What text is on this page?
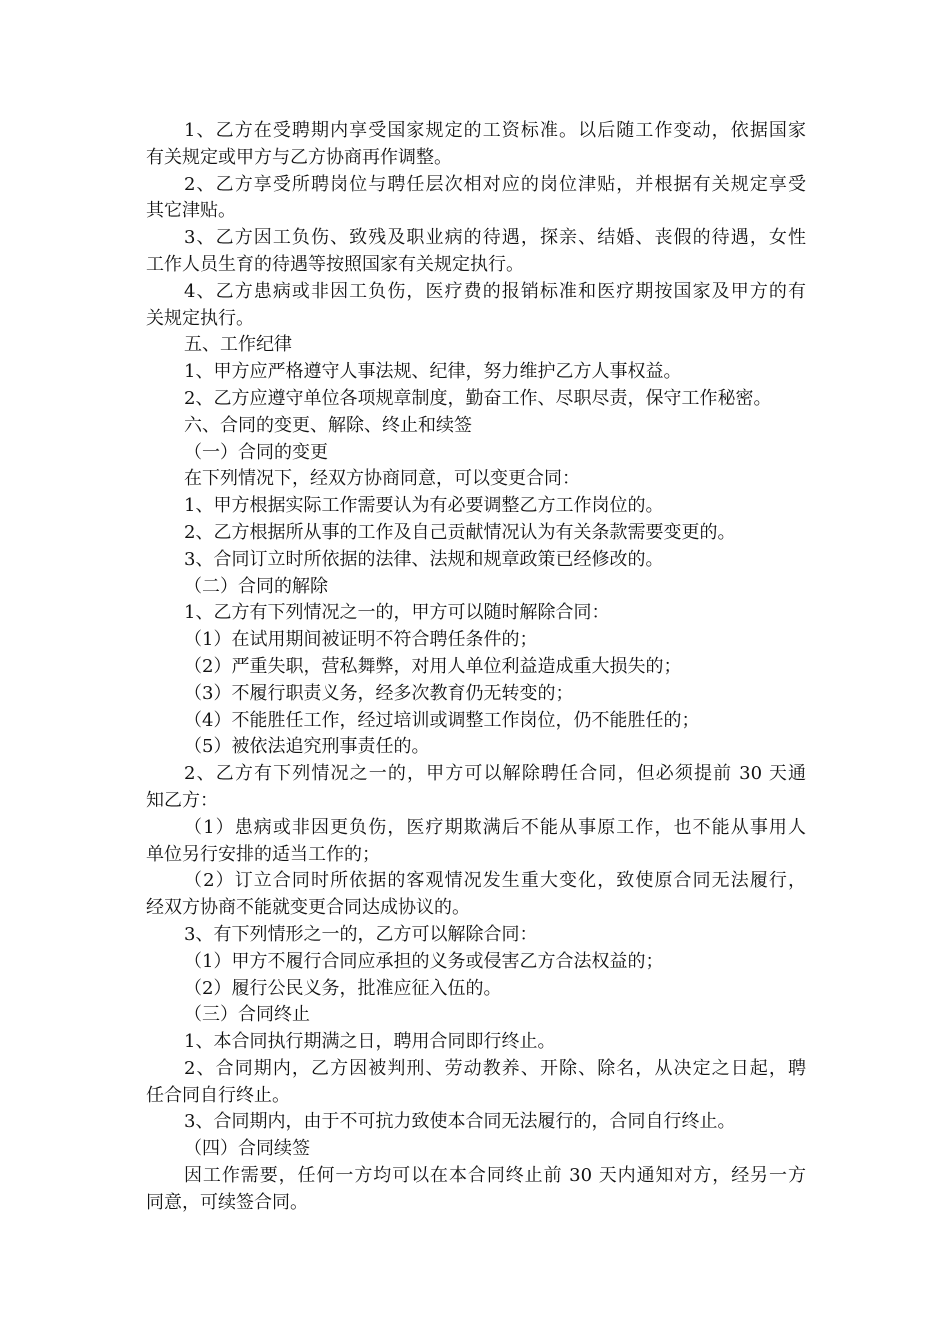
1、乙方在受聘期内享受国家规定的工资标准。以后随工作变动，依据国家
有关规定或甲方与乙方协商再作调整。
2、乙方享受所聘岗位与聘任层次相对应的岗位津贴，并根据有关规定享受
其它津贴。
3、乙方因工负伤、致残及职业病的待遇，探亲、结婚、丧假的待遇，女性
工作人员生育的待遇等按照国家有关规定执行。
4、乙方患病或非因工负伤，医疗费的报销标准和医疗期按国家及甲方的有
关规定执行。
五、工作纪律
1、甲方应严格遵守人事法规、纪律，努力维护乙方人事权益。
2、乙方应遵守单位各项规章制度，勤奋工作、尽职尽责，保守工作秘密。
六、合同的变更、解除、终止和续签
（一）合同的变更
在下列情况下，经双方协商同意，可以变更合同：
1、甲方根据实际工作需要认为有必要调整乙方工作岗位的。
2、乙方根据所从事的工作及自己贡献情况认为有关条款需要变更的。
3、合同订立时所依据的法律、法规和规章政策已经修改的。
（二）合同的解除
1、乙方有下列情况之一的，甲方可以随时解除合同：
（1）在试用期间被证明不符合聘任条件的；
（2）严重失职，营私舞弊，对用人单位利益造成重大损失的；
（3）不履行职责义务，经多次教育仍无转变的；
（4）不能胜任工作，经过培训或调整工作岗位，仍不能胜任的；
（5）被依法追究刑事责任的。
2、乙方有下列情况之一的，甲方可以解除聘任合同，但必须提前 30 天通
知乙方：
（1）患病或非因更负伤，医疗期欺满后不能从事原工作，也不能从事用人
单位另行安排的适当工作的；
（2）订立合同时所依据的客观情况发生重大变化，致使原合同无法履行，
经双方协商不能就变更合同达成协议的。
3、有下列情形之一的，乙方可以解除合同：
（1）甲方不履行合同应承担的义务或侵害乙方合法权益的；
（2）履行公民义务，批准应征入伍的。
（三）合同终止
1、本合同执行期满之日，聘用合同即行终止。
2、合同期内，乙方因被判刑、劳动教养、开除、除名，从决定之日起，聘
任合同自行终止。
3、合同期内，由于不可抗力致使本合同无法履行的，合同自行终止。
（四）合同续签
因工作需要，任何一方均可以在本合同终止前 30 天内通知对方，经另一方
同意，可续签合同。
